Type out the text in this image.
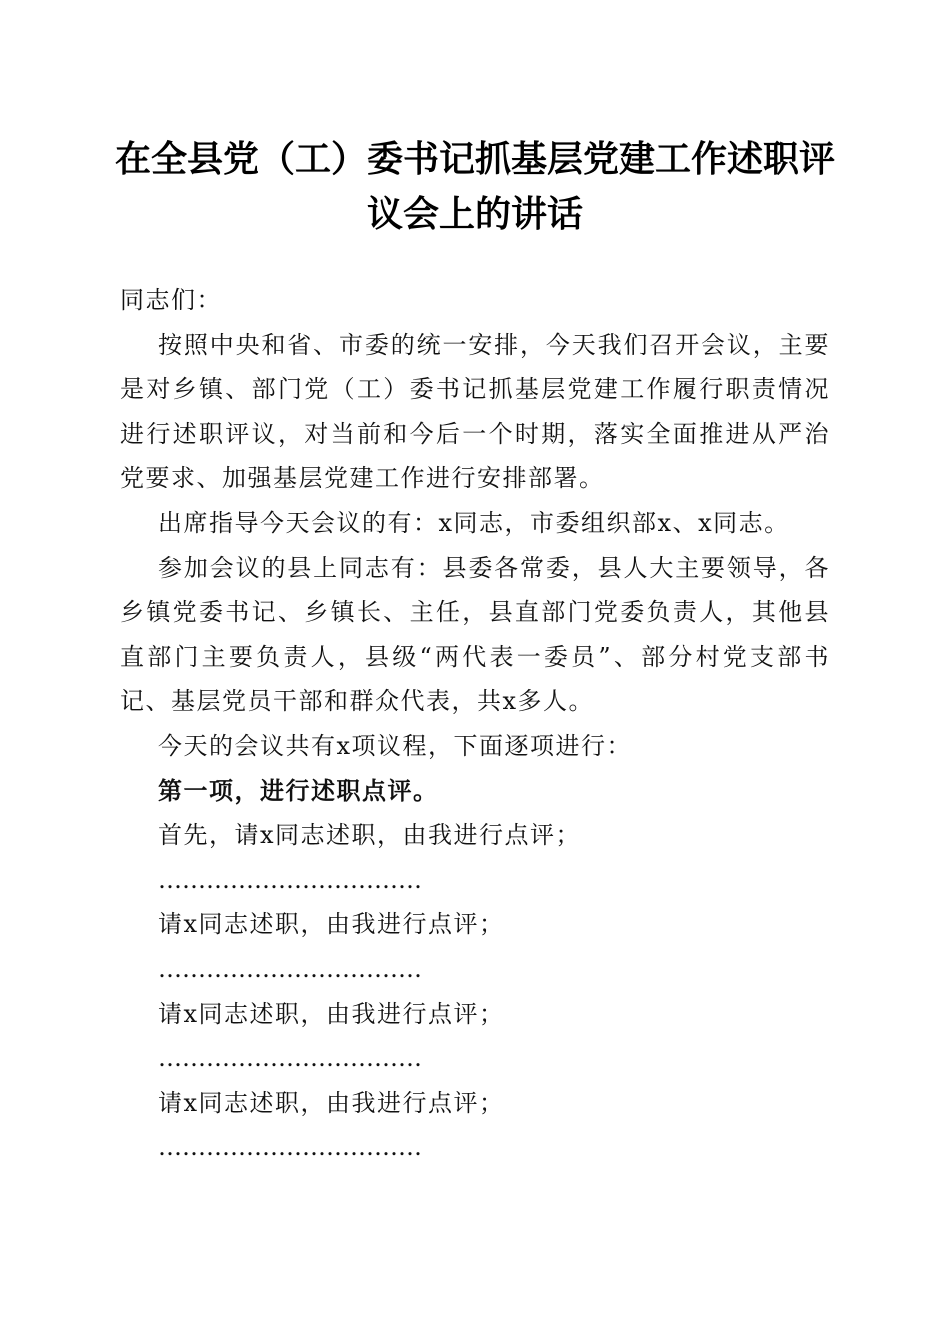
在全县党（工）委书记抓基层党建工作述职评
议会上的讲话

同志们：

按照中央和省、市委的统一安排，今天我们召开会议，主要是对乡镇、部门党（工）委书记抓基层党建工作履行职责情况进行述职评议，对当前和今后一个时期，落实全面推进从严治党要求、加强基层党建工作进行安排部署。

出席指导今天会议的有：x同志，市委组织部x、x同志。

参加会议的县上同志有：县委各常委，县人大主要领导，各乡镇党委书记、乡镇长、主任，县直部门党委负责人，其他县直部门主要负责人，县级“两代表一委员”、部分村党支部书记、基层党员干部和群众代表，共x多人。

今天的会议共有x项议程，下面逐项进行：

第一项，进行述职点评。

首先，请x同志述职，由我进行点评；

……………………………

请x同志述职，由我进行点评；

……………………………

请x同志述职，由我进行点评；

……………………………

请x同志述职，由我进行点评；

……………………………
